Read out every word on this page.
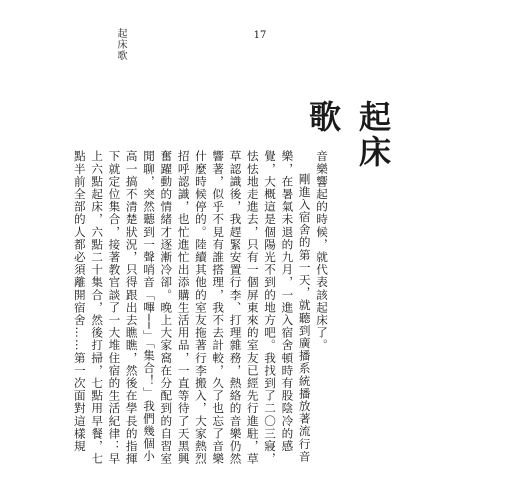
17
起床歌
起床歌

音樂響起的時候，就代表該起床了。

剛進入宿舍的第一天，就聽到廣播系統播放著流行音樂，在暑氣未退的九月，一進入宿舍頓時有股陰冷的感覺，大概這是個陽光不到的地方吧。我找到了二〇三寢，怯怯地走進去，只有一個屏東來的室友已經先行進駐，草草認識後，我趕緊安置行李、打理雜務，熱絡的音樂仍然響著，似乎不見有誰搭理，我不去計較，久了也忘了音樂什麼時候停的。陸續其他的室友拖著行李搬入，大家熱烈招呼認識，也忙進忙出添購生活用品，一直等待了天黑興奮躍動的情緒才逐漸冷卻。晚上大家窩在分配到的自習室閒聊，突然聽到一聲哨音「嗶──」「集合！」我們幾個小高一搞不清楚狀況，只得跟出去瞧瞧，然後在學長的指揮下就定位集合，接著教官談了一大堆住宿的生活紀律：早上六點起床，六點二十集合，然後打掃，七點用早餐，七點半前全部的人都必須離開宿舍……第一次面對這樣規
